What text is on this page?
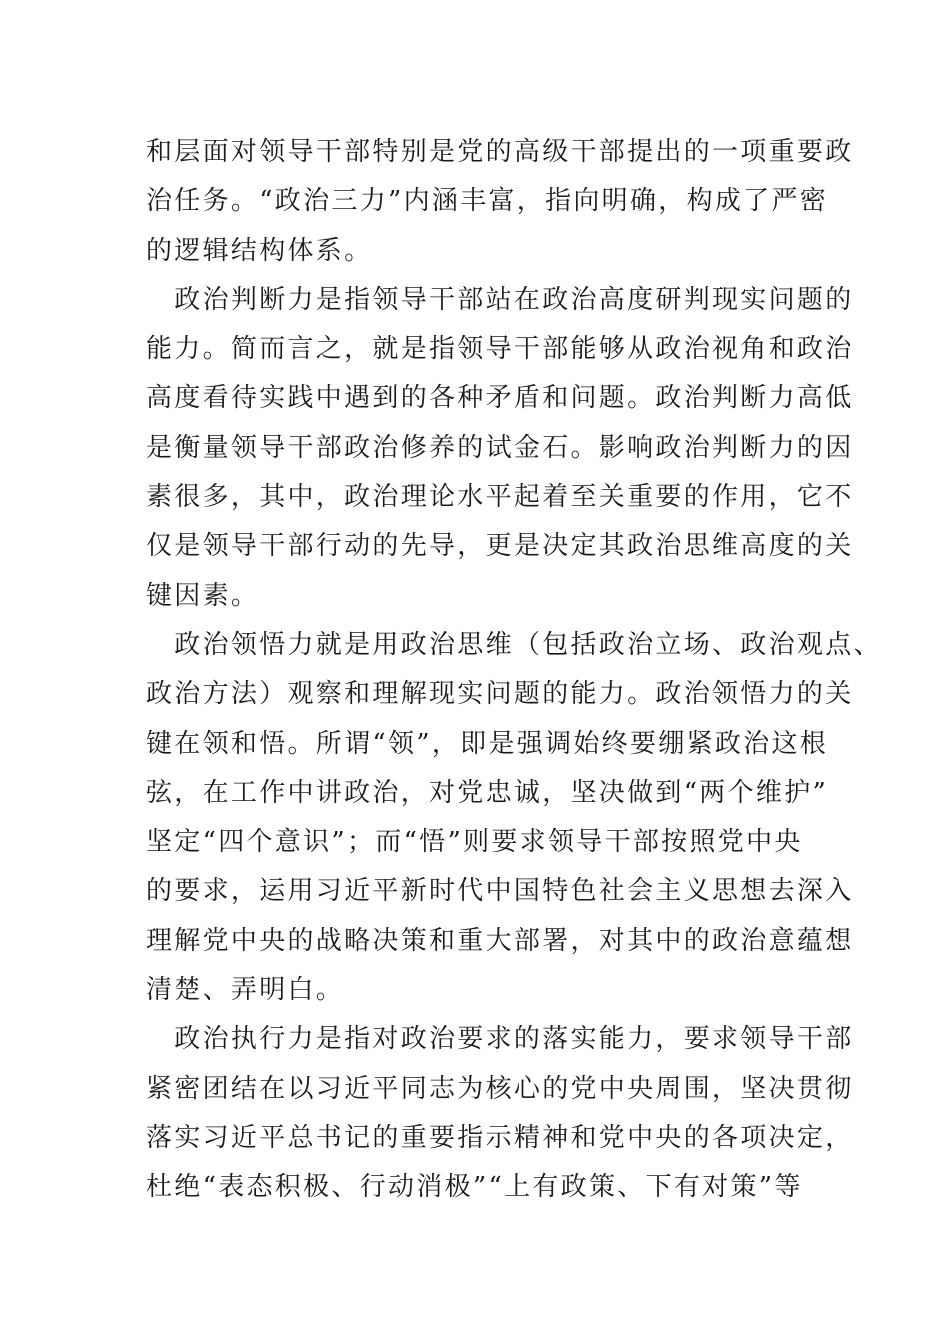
和层面对领导干部特别是党的高级干部提出的一项重要政
治任务。“政治三力”内涵丰富，指向明确，构成了严密
的逻辑结构体系。
　政治判断力是指领导干部站在政治高度研判现实问题的
能力。简而言之，就是指领导干部能够从政治视角和政治
高度看待实践中遇到的各种矛盾和问题。政治判断力高低
是衡量领导干部政治修养的试金石。影响政治判断力的因
素很多，其中，政治理论水平起着至关重要的作用，它不
仅是领导干部行动的先导，更是决定其政治思维高度的关
键因素。
　政治领悟力就是用政治思维（包括政治立场、政治观点、
政治方法）观察和理解现实问题的能力。政治领悟力的关
键在领和悟。所谓“领”，即是强调始终要绷紧政治这根
弦，在工作中讲政治，对党忠诚，坚决做到“两个维护”
坚定“四个意识”；而“悟”则要求领导干部按照党中央
的要求，运用习近平新时代中国特色社会主义思想去深入
理解党中央的战略决策和重大部署，对其中的政治意蕴想
清楚、弄明白。
　政治执行力是指对政治要求的落实能力，要求领导干部
紧密团结在以习近平同志为核心的党中央周围，坚决贯彻
落实习近平总书记的重要指示精神和党中央的各项决定，
杜绝“表态积极、行动消极”“上有政策、下有对策”等
